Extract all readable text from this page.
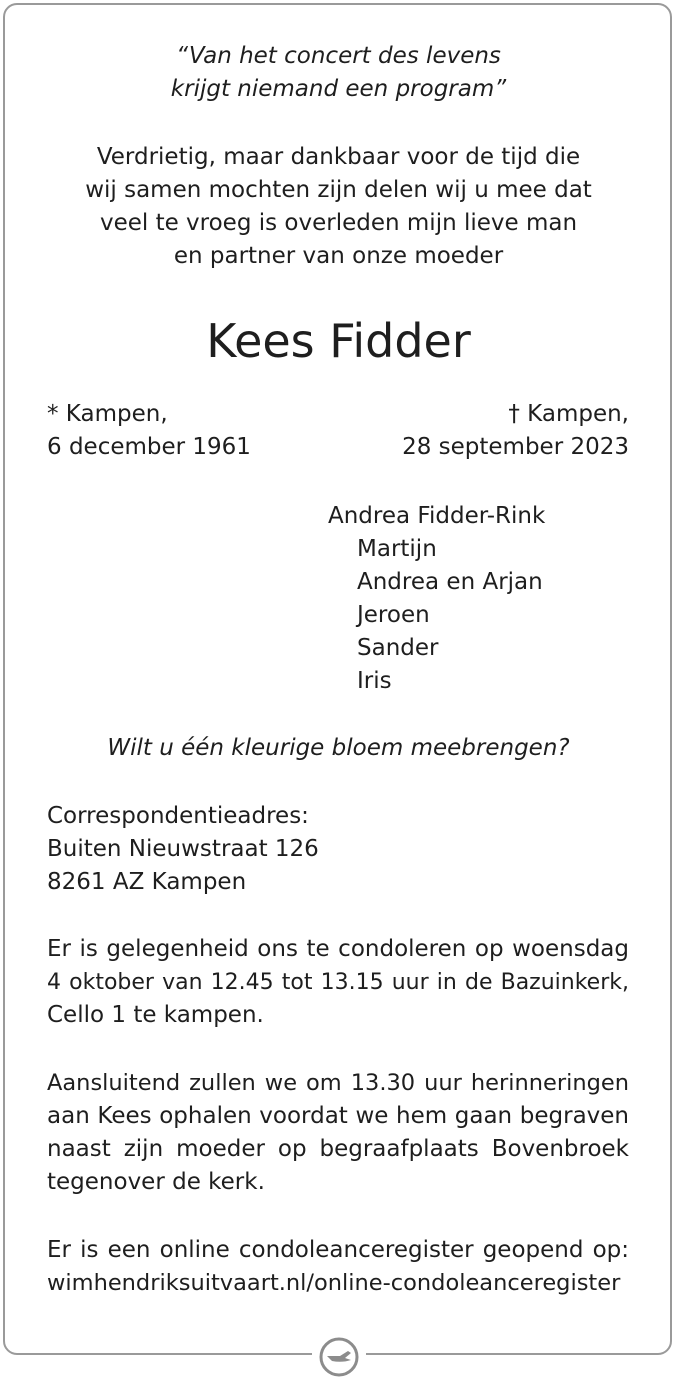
“Van het concert des levens
krijgt niemand een program”
Verdrietig, maar dankbaar voor de tijd die
wij samen mochten zijn delen wij u mee dat
veel te vroeg is overleden mijn lieve man
en partner van onze moeder
Kees Fidder
* Kampen,
6 december 1961
† Kampen,
28 september 2023
Andrea Fidder-Rink
Martijn
Andrea en Arjan
Jeroen
Sander
Iris
Wilt u één kleurige bloem meebrengen?
Correspondentieadres:
Buiten Nieuwstraat 126
8261 AZ Kampen
Er is gelegenheid ons te condoleren op woensdag
4 oktober van 12.45 tot 13.15 uur in de Bazuinkerk,
Cello 1 te kampen.
Aansluitend zullen we om 13.30 uur herinneringen
aan Kees ophalen voordat we hem gaan begraven
naast zijn moeder op begraafplaats Bovenbroek
tegenover de kerk.
Er is een online condoleanceregister geopend op:
wimhendriksuitvaart.nl/online-condoleanceregister
